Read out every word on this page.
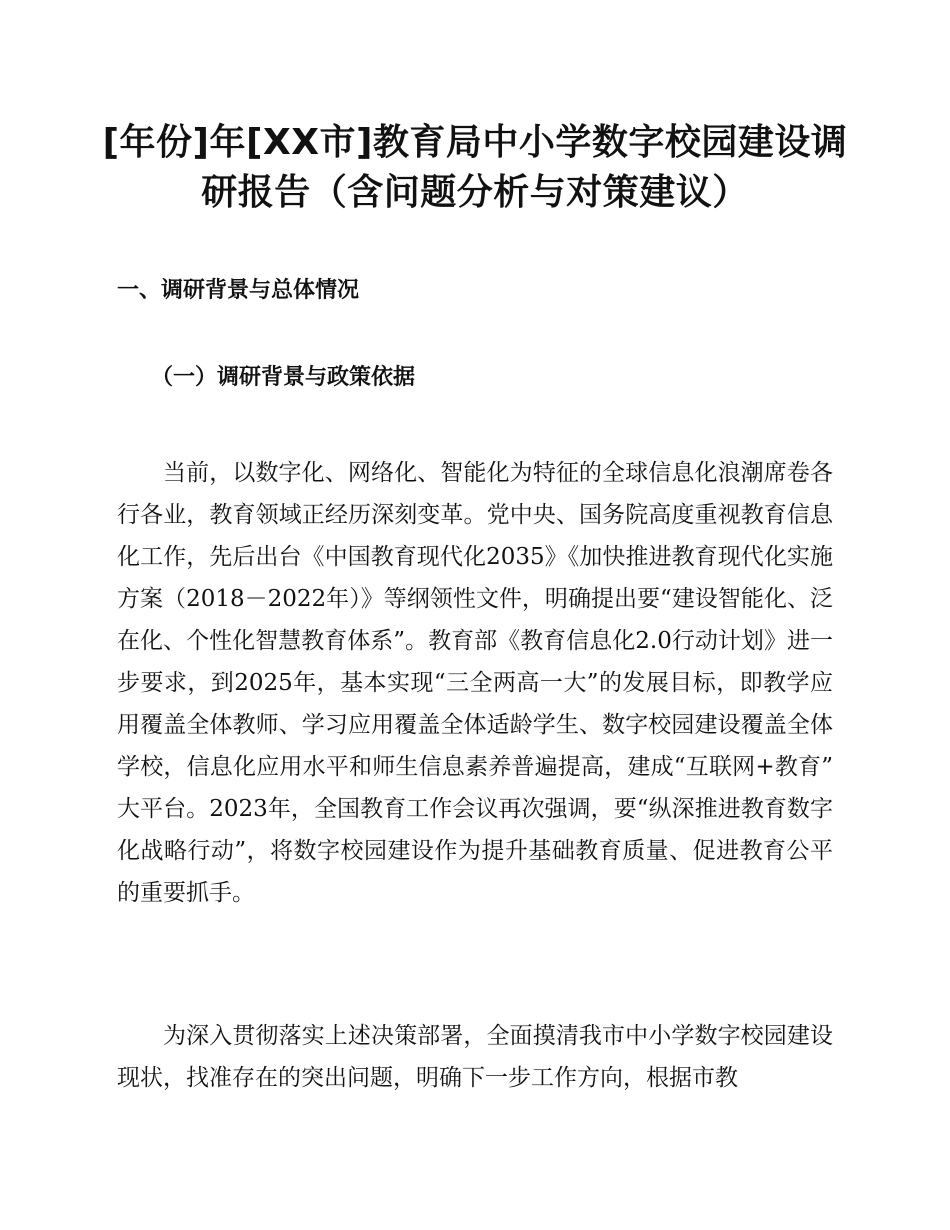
[年份]年[XX市]教育局中小学数字校园建设调研报告（含问题分析与对策建议）
一、调研背景与总体情况
（一）调研背景与政策依据

当前，以数字化、网络化、智能化为特征的全球信息化浪潮席卷各行各业，教育领域正经历深刻变革。党中央、国务院高度重视教育信息化工作，先后出台《中国教育现代化2035》《加快推进教育现代化实施方案（2018－2022年）》等纲领性文件，明确提出要“建设智能化、泛在化、个性化智慧教育体系”。教育部《教育信息化2.0行动计划》进一步要求，到2025年，基本实现“三全两高一大”的发展目标，即教学应用覆盖全体教师、学习应用覆盖全体适龄学生、数字校园建设覆盖全体学校，信息化应用水平和师生信息素养普遍提高，建成“互联网+教育”大平台。2023年，全国教育工作会议再次强调，要“纵深推进教育数字化战略行动”，将数字校园建设作为提升基础教育质量、促进教育公平的重要抓手。

为深入贯彻落实上述决策部署，全面摸清我市中小学数字校园建设现状，找准存在的突出问题，明确下一步工作方向，根据市教
